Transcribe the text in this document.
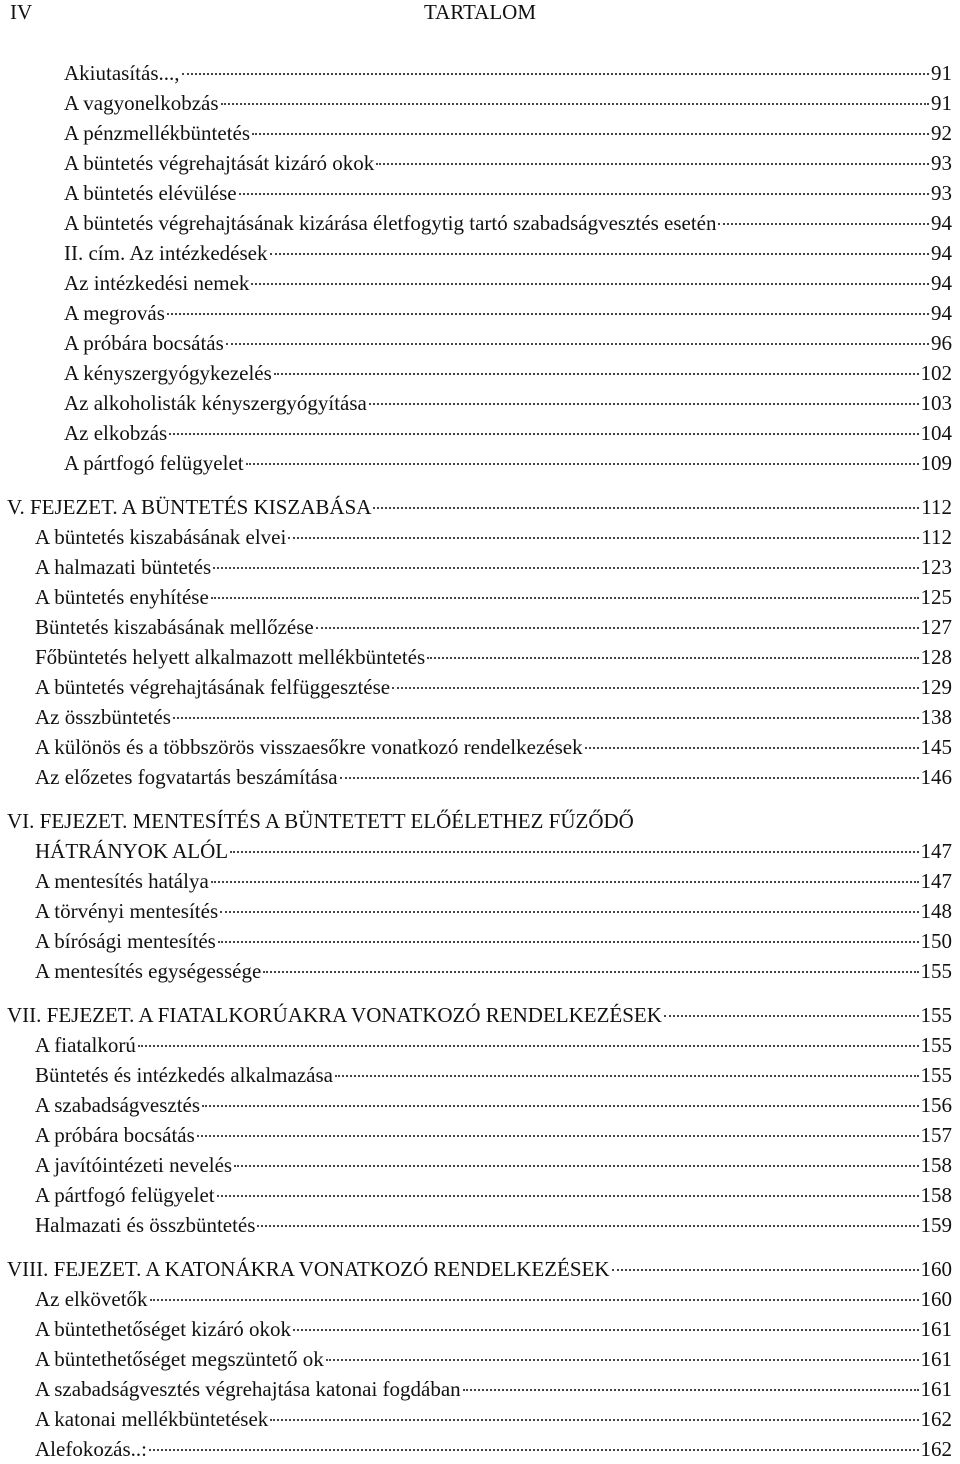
IV	TARTALOM
Akiutasítás...,	91
A vagyonelkobzás	91
A pénzmellékbüntetés	92
A büntetés végrehajtását kizáró okok	93
A büntetés elévülése	93
A büntetés végrehajtásának kizárása életfogytig tartó szabadságvesztés esetén	94
II. cím. Az intézkedések	94
Az intézkedési nemek	94
A megrovás	94
A próbára bocsátás	96
A kényszergyógykezelés	102
Az alkoholisták kényszergyógyítása	103
Az elkobzás	104
A pártfogó felügyelet	109
V. FEJEZET. A BÜNTETÉS KISZABÁSA	112
A büntetés kiszabásának elvei	112
A halmazati büntetés	123
A büntetés enyhítése	125
Büntetés kiszabásának mellőzése	127
Főbüntetés helyett alkalmazott mellékbüntetés	128
A büntetés végrehajtásának felfüggesztése	129
Az összbüntetés	138
A különös és a többszörös visszaesőkre vonatkozó rendelkezések	145
Az előzetes fogvatartás beszámítása	146
VI. FEJEZET. MENTESÍTÉS A BÜNTETETT ELŐÉLETHEZ FŰZŐDŐ
HÁTRÁNYOK ALÓL	147
A mentesítés hatálya	147
A törvényi mentesítés	148
A bírósági mentesítés	150
A mentesítés egységessége	155
VII. FEJEZET. A FIATALKORÚAKRA VONATKOZÓ RENDELKEZÉSEK	155
A fiatalkorú	155
Büntetés és intézkedés alkalmazása	155
A szabadságvesztés	156
A próbára bocsátás	157
A javítóintézeti nevelés	158
A pártfogó felügyelet	158
Halmazati és összbüntetés	159
VIII. FEJEZET. A KATONÁKRA VONATKOZÓ RENDELKEZÉSEK	160
Az elkövetők	160
A büntethetőséget kizáró okok	161
A büntethetőséget megszüntető ok	161
A szabadságvesztés végrehajtása katonai fogdában	161
A katonai mellékbüntetések	162
Alefokozás..:	162
